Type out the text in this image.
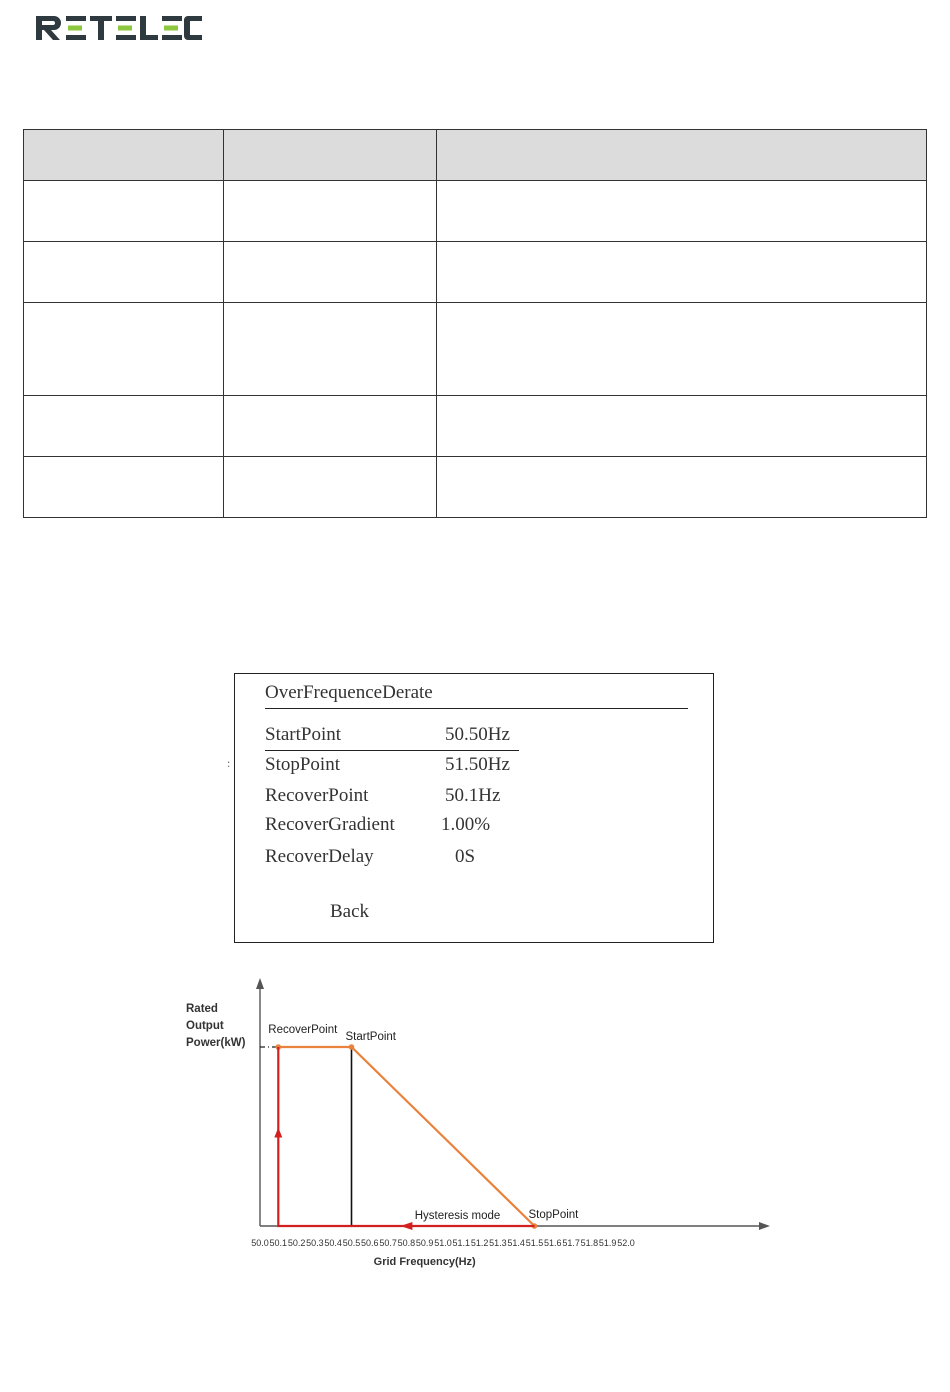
:
OverFrequenceDerate
StartPoint	50.50Hz
StopPoint	51.50Hz
RecoverPoint	50.1Hz
RecoverGradient 1.00%
RecoverDelay	0S
Back
Rated
Output
Power(kW)
50.0 50.1 50.2 50.3 50.4 50.5 50.6 50.7 50.8 50.9 51.0 51.1 51.2 51.3 51.4 51.5 51.6 51.7 51.8 51.9 52.0
Grid Frequency(Hz)
RecoverPoint
StartPoint
StopPoint
Hysteresis mode
